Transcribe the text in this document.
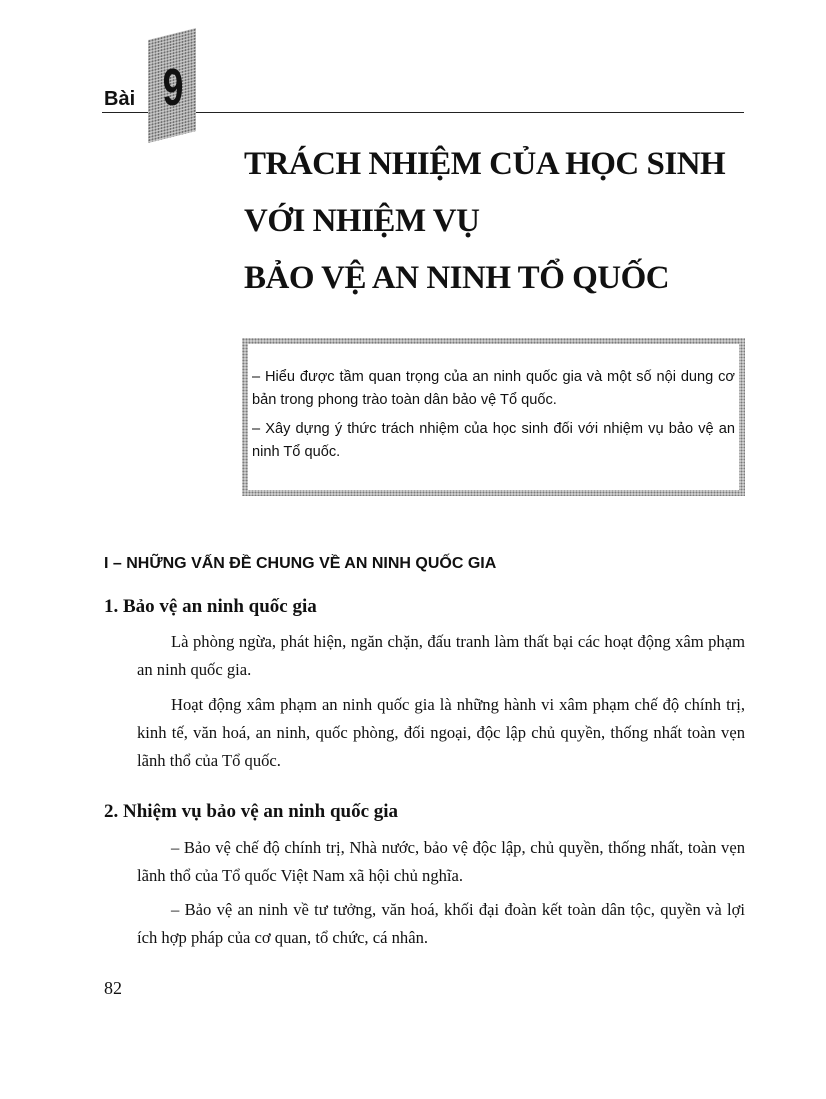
Bài 9
TRÁCH NHIỆM CỦA HỌC SINH
VỚI NHIỆM VỤ
BẢO VỆ AN NINH TỔ QUỐC

– Hiểu được tầm quan trọng của an ninh quốc gia và một số nội dung cơ bản trong phong trào toàn dân bảo vệ Tổ quốc.

– Xây dựng ý thức trách nhiệm của học sinh đối với nhiệm vụ bảo vệ an ninh Tổ quốc.

I – NHỮNG VẤN ĐỀ CHUNG VỀ AN NINH QUỐC GIA
1. Bảo vệ an ninh quốc gia

Là phòng ngừa, phát hiện, ngăn chặn, đấu tranh làm thất bại các hoạt động xâm phạm an ninh quốc gia.

Hoạt động xâm phạm an ninh quốc gia là những hành vi xâm phạm chế độ chính trị, kinh tế, văn hoá, an ninh, quốc phòng, đối ngoại, độc lập chủ quyền, thống nhất toàn vẹn lãnh thổ của Tổ quốc.

2. Nhiệm vụ bảo vệ an ninh quốc gia

– Bảo vệ chế độ chính trị, Nhà nước, bảo vệ độc lập, chủ quyền, thống nhất, toàn vẹn lãnh thổ của Tổ quốc Việt Nam xã hội chủ nghĩa.

– Bảo vệ an ninh về tư tưởng, văn hoá, khối đại đoàn kết toàn dân tộc, quyền và lợi ích hợp pháp của cơ quan, tổ chức, cá nhân.

82
